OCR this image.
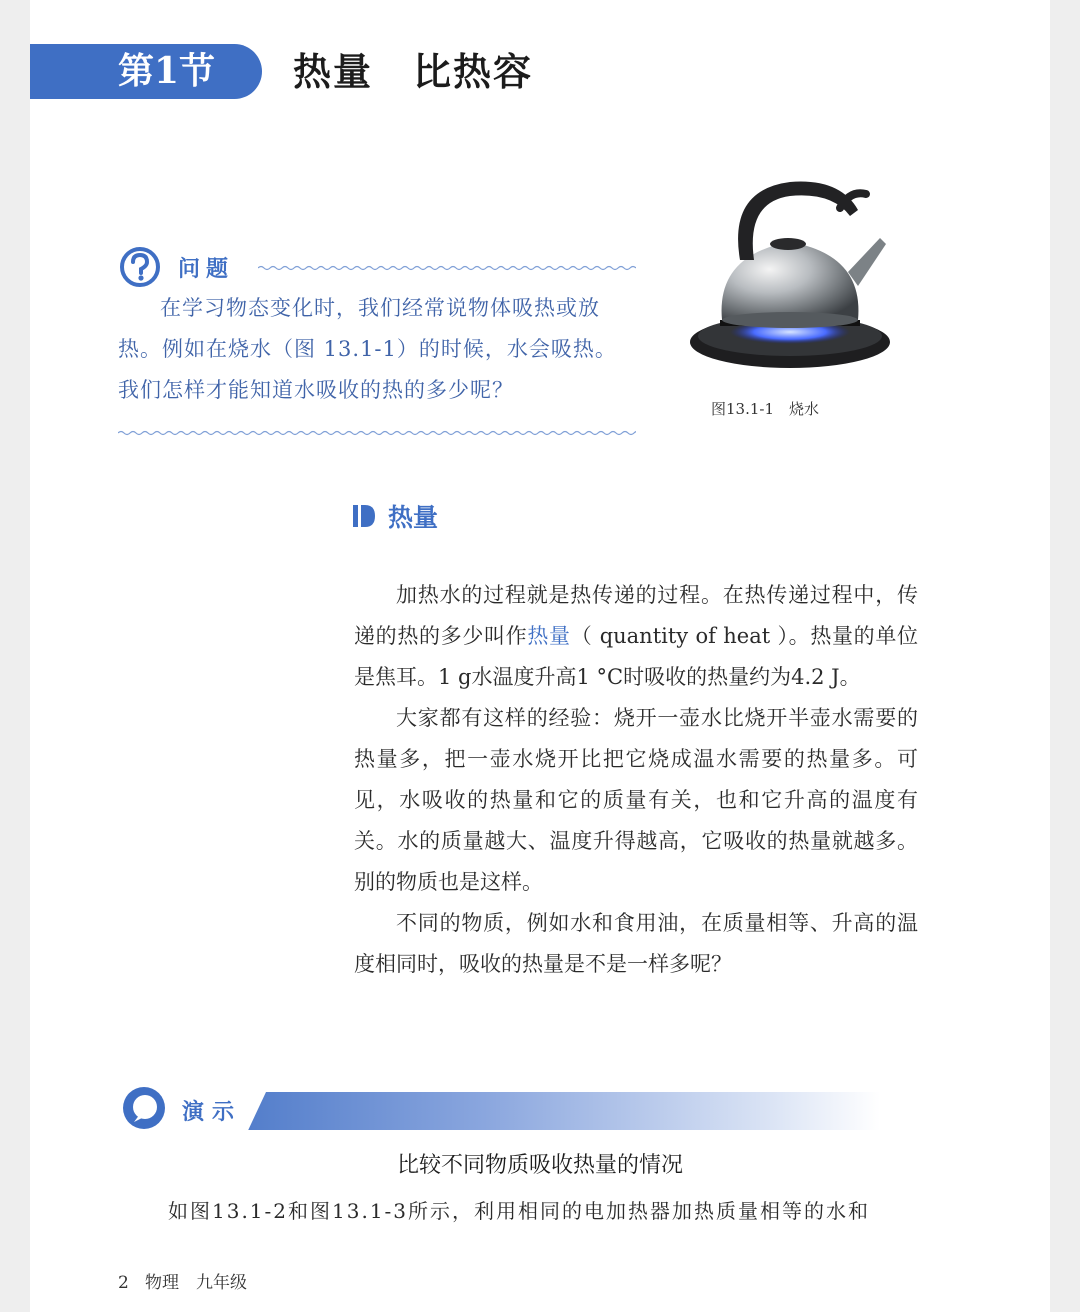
第1节 热量　比热容
问题

在学习物态变化时，我们经常说物体吸热或放热。例如在烧水（图 13.1-1）的时候，水会吸热。我们怎样才能知道水吸收的热的多少呢？

图13.1-1　烧水
热量

加热水的过程就是热传递的过程。在热传递过程中，传递的热的多少叫作热量（ quantity of heat ）。热量的单位是焦耳。1 g水温度升高1 °C时吸收的热量约为4.2 J。

大家都有这样的经验：烧开一壶水比烧开半壶水需要的热量多，把一壶水烧开比把它烧成温水需要的热量多。可见，水吸收的热量和它的质量有关，也和它升高的温度有关。水的质量越大、温度升得越高，它吸收的热量就越多。别的物质也是这样。

不同的物质，例如水和食用油，在质量相等、升高的温度相同时，吸收的热量是不是一样多呢？

演示
比较不同物质吸收热量的情况
如图13.1-2和图13.1-3所示，利用相同的电加热器加热质量相等的水和
2 物理　九年级
